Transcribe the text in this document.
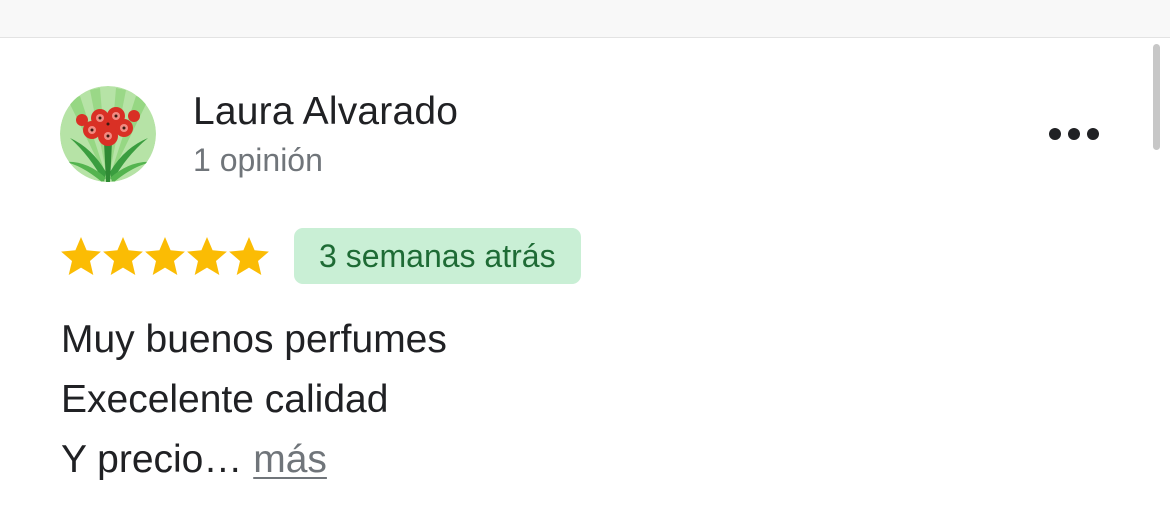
Laura Alvarado
1 opinión
3 semanas atrás
Muy buenos perfumes
Execelente calidad
Y precio… más
